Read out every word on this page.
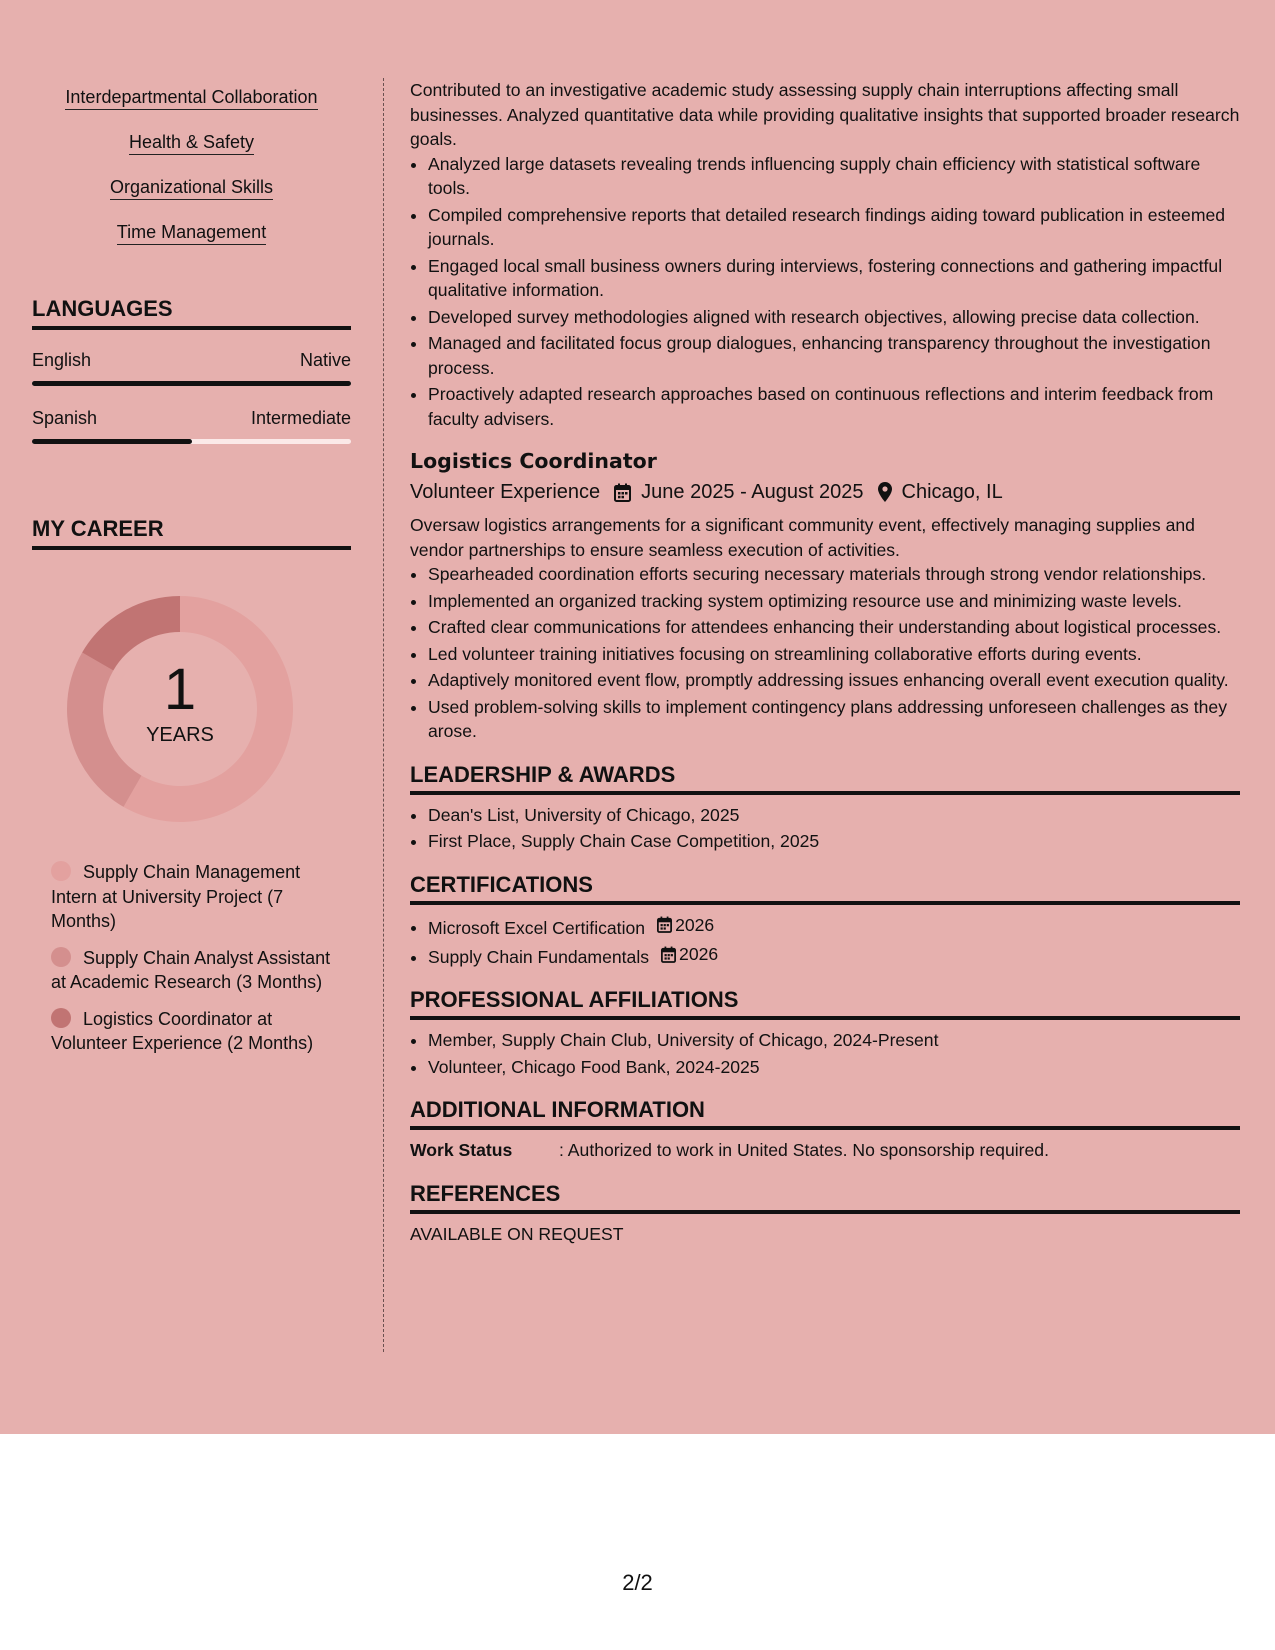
Interdepartmental Collaboration
Health & Safety
Organizational Skills
Time Management
LANGUAGES
English	Native
Spanish	Intermediate
MY CAREER
1
YEARS
Supply Chain Management Intern at University Project (7 Months)
Supply Chain Analyst Assistant at Academic Research (3 Months)
Logistics Coordinator at Volunteer Experience (2 Months)

Contributed to an investigative academic study assessing supply chain interruptions affecting small businesses. Analyzed quantitative data while providing qualitative insights that supported broader research goals.

• Analyzed large datasets revealing trends influencing supply chain efficiency with statistical software tools.
• Compiled comprehensive reports that detailed research findings aiding toward publication in esteemed journals.
• Engaged local small business owners during interviews, fostering connections and gathering impactful qualitative information.
• Developed survey methodologies aligned with research objectives, allowing precise data collection.
• Managed and facilitated focus group dialogues, enhancing transparency throughout the investigation process.
• Proactively adapted research approaches based on continuous reflections and interim feedback from faculty advisers.
Logistics Coordinator
Volunteer Experience June 2025 - August 2025 Chicago, IL

Oversaw logistics arrangements for a significant community event, effectively managing supplies and vendor partnerships to ensure seamless execution of activities.

• Spearheaded coordination efforts securing necessary materials through strong vendor relationships.
• Implemented an organized tracking system optimizing resource use and minimizing waste levels.
• Crafted clear communications for attendees enhancing their understanding about logistical processes.
• Led volunteer training initiatives focusing on streamlining collaborative efforts during events.
• Adaptively monitored event flow, promptly addressing issues enhancing overall event execution quality.
• Used problem-solving skills to implement contingency plans addressing unforeseen challenges as they arose.
LEADERSHIP & AWARDS
• Dean's List, University of Chicago, 2025
• First Place, Supply Chain Case Competition, 2025
CERTIFICATIONS
• Microsoft Excel Certification 2026
• Supply Chain Fundamentals 2026
PROFESSIONAL AFFILIATIONS
• Member, Supply Chain Club, University of Chicago, 2024-Present
• Volunteer, Chicago Food Bank, 2024-2025
ADDITIONAL INFORMATION
Work Status	: Authorized to work in United States. No sponsorship required.
REFERENCES
AVAILABLE ON REQUEST
2/2
